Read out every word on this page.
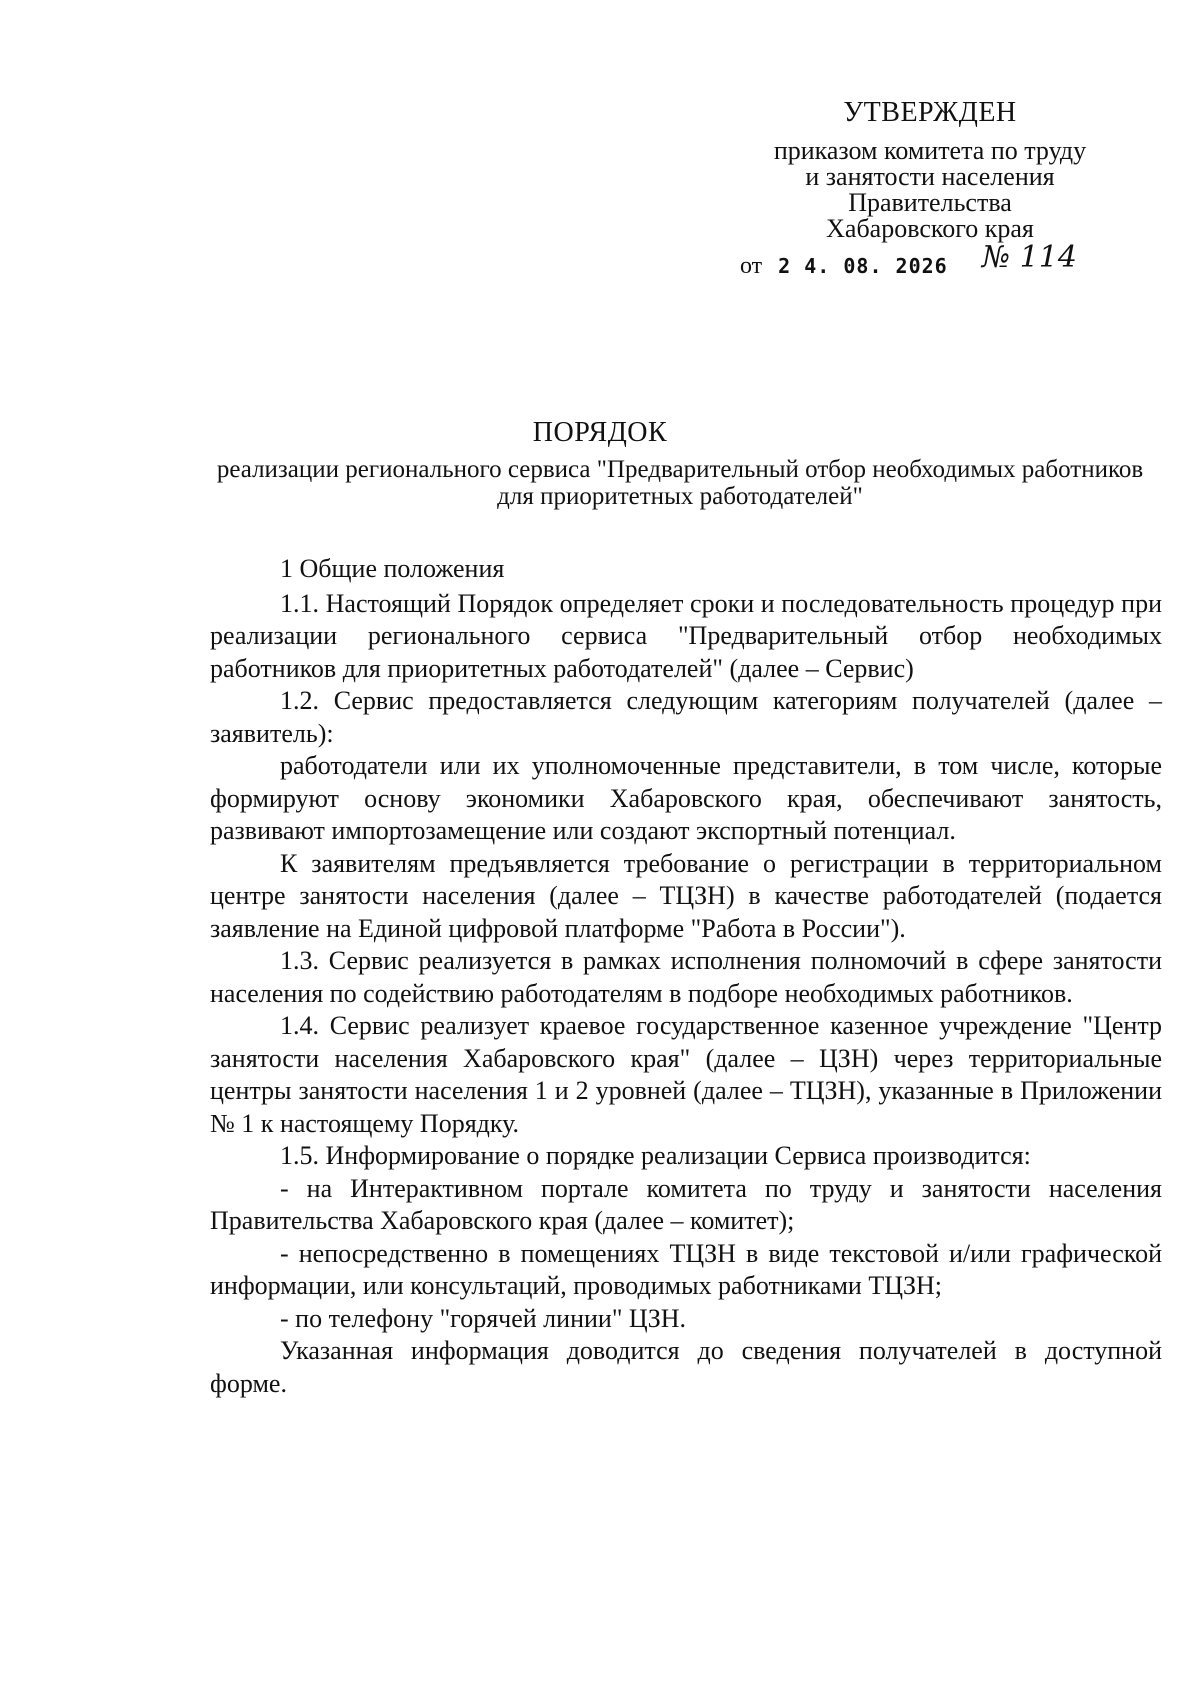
УТВЕРЖДЕН
приказом комитета по труду
и занятости населения
Правительства
Хабаровского края
от 2 4. 08. 2026 № 114
ПОРЯДОК
реализации регионального сервиса "Предварительный отбор необходимых работников для приоритетных работодателей"

1 Общие положения

1.1. Настоящий Порядок определяет сроки и последовательность процедур при реализации регионального сервиса "Предварительный отбор необходимых работников для приоритетных работодателей" (далее – Сервис)

1.2. Сервис предоставляется следующим категориям получателей (далее – заявитель):

работодатели или их уполномоченные представители, в том числе, которые формируют основу экономики Хабаровского края, обеспечивают занятость, развивают импортозамещение или создают экспортный потенциал.

К заявителям предъявляется требование о регистрации в территориальном центре занятости населения (далее – ТЦЗН) в качестве работодателей (подается заявление на Единой цифровой платформе "Работа в России").

1.3. Сервис реализуется в рамках исполнения полномочий в сфере занятости населения по содействию работодателям в подборе необходимых работников.

1.4. Сервис реализует краевое государственное казенное учреждение "Центр занятости населения Хабаровского края" (далее – ЦЗН) через территориальные центры занятости населения 1 и 2 уровней (далее – ТЦЗН), указанные в Приложении № 1 к настоящему Порядку.

1.5. Информирование о порядке реализации Сервиса производится:

- на Интерактивном портале комитета по труду и занятости населения Правительства Хабаровского края (далее – комитет);

- непосредственно в помещениях ТЦЗН в виде текстовой и/или графической информации, или консультаций, проводимых работниками ТЦЗН;

- по телефону "горячей линии" ЦЗН.

Указанная информация доводится до сведения получателей в доступной форме.
